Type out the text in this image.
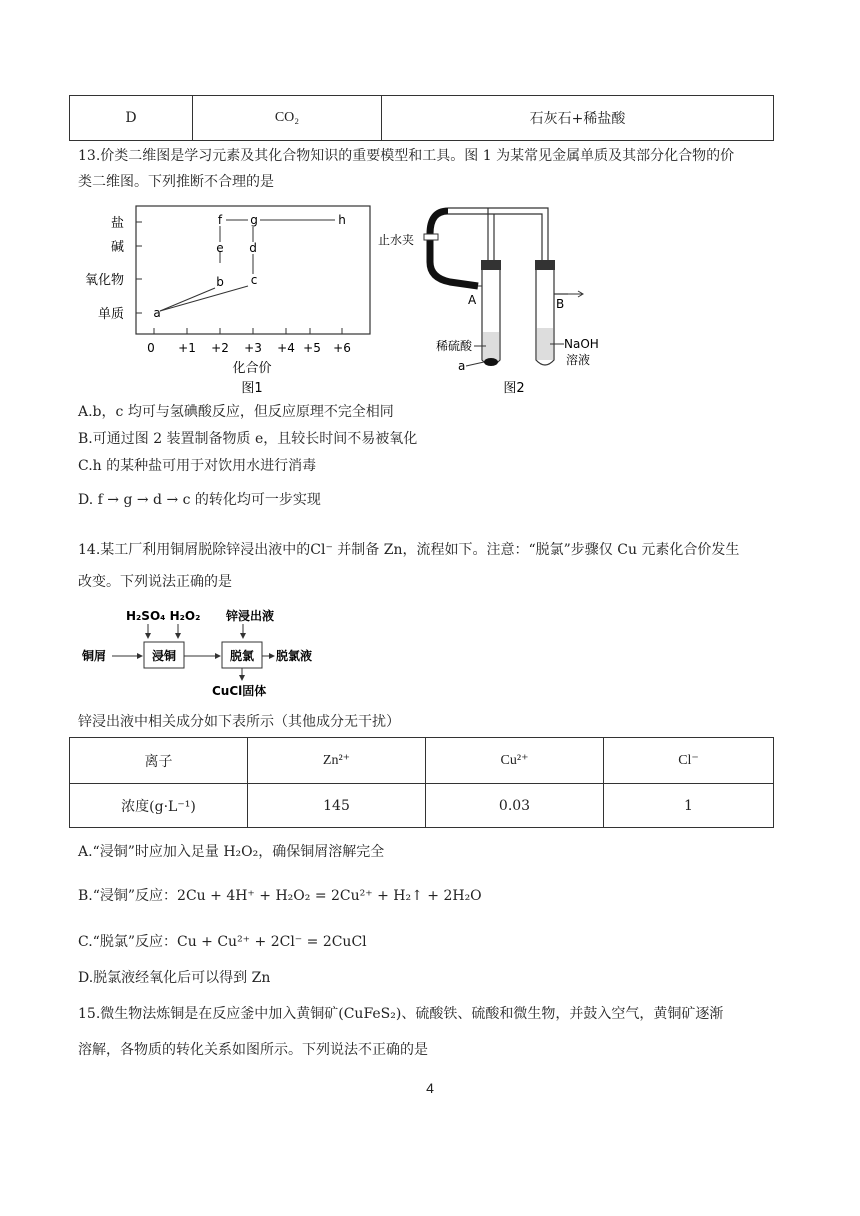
D	CO₂	石灰石+稀盐酸
13.价类二维图是学习元素及其化合物知识的重要模型和工具。图 1 为某常见金属单质及其部分化合物的价
类二维图。下列推断不合理的是
盐
碱
氧化物
单质
0 +1 +2 +3 +4 +5 +6
化合价
图1
a
b c
d
e
f g	h
止水夹
A
稀硫酸
a
B
NaOH
溶液
图2
A.b，c 均可与氢碘酸反应，但反应原理不完全相同
B.可通过图 2 装置制备物质 e，且较长时间不易被氧化
C.h 的某种盐可用于对饮用水进行消毒
D. f → g → d → c 的转化均可一步实现
14.某工厂利用铜屑脱除锌浸出液中的Cl⁻ 并制备 Zn，流程如下。注意：“脱氯”步骤仅 Cu 元素化合价发生
改变。下列说法正确的是
H₂SO₄ H₂O₂ 锌浸出液
铜屑	浸铜	脱氯 脱氯液
CuCl固体
锌浸出液中相关成分如下表所示（其他成分无干扰）
离子	Zn²⁺	Cu²⁺	Cl⁻
浓度(g·L⁻¹)	145	0.03	1
A.“浸铜”时应加入足量 H₂O₂，确保铜屑溶解完全
B.“浸铜”反应：2Cu + 4H⁺ + H₂O₂ = 2Cu²⁺ + H₂↑ + 2H₂O
C.“脱氯”反应：Cu + Cu²⁺ + 2Cl⁻ = 2CuCl
D.脱氯液经氧化后可以得到 Zn
15.微生物法炼铜是在反应釜中加入黄铜矿(CuFeS₂)、硫酸铁、硫酸和微生物，并鼓入空气，黄铜矿逐渐
溶解，各物质的转化关系如图所示。下列说法不正确的是
4
